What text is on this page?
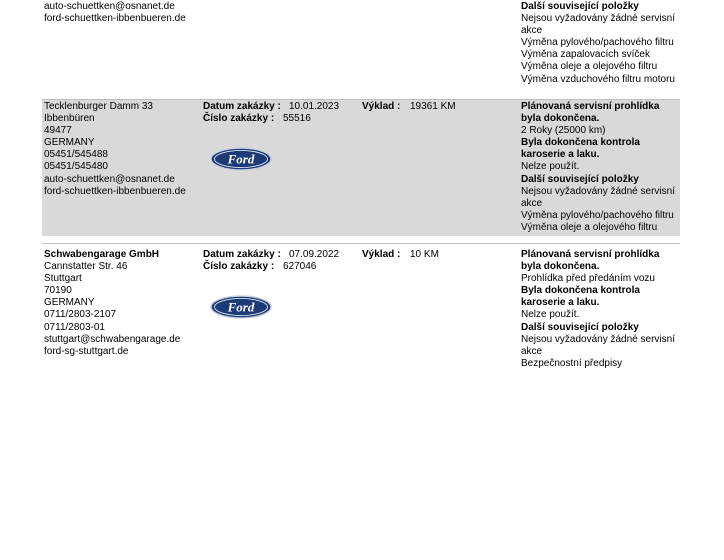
auto-schuettken@osnanet.de
ford-schuettken-ibbenbueren.de
Další související položky
Nejsou vyžadovány žádné servisní akce
Výměna pylového/pachového filtru
Výměna zapalovacích svíček
Výměna oleje a olejového filtru
Výměna vzduchového filtru motoru
Tecklenburger Damm 33
Ibbenbüren
49477
GERMANY
05451/545488
05451/545480
auto-schuettken@osnanet.de
ford-schuettken-ibbenbueren.de
Datum zakázky : 10.01.2023
Číslo zakázky : 55516
Výklad : 19361 KM
Ford
Plánovaná servisní prohlídka byla dokončena.
2 Roky (25000 km)
Byla dokončena kontrola karoserie a laku.
Nelze použít.
Další související položky
Nejsou vyžadovány žádné servisní akce
Výměna pylového/pachového filtru
Výměna oleje a olejového filtru
Schwabengarage GmbH
Cannstatter Str. 46
Stuttgart
70190
GERMANY
0711/2803-2107
0711/2803-01
stuttgart@schwabengarage.de
ford-sg-stuttgart.de
Datum zakázky : 07.09.2022
Číslo zakázky : 627046
Výklad : 10 KM
Ford
Plánovaná servisní prohlídka byla dokončena.
Prohlídka před předáním vozu
Byla dokončena kontrola karoserie a laku.
Nelze použít.
Další související položky
Nejsou vyžadovány žádné servisní akce
Bezpečnostní předpisy
